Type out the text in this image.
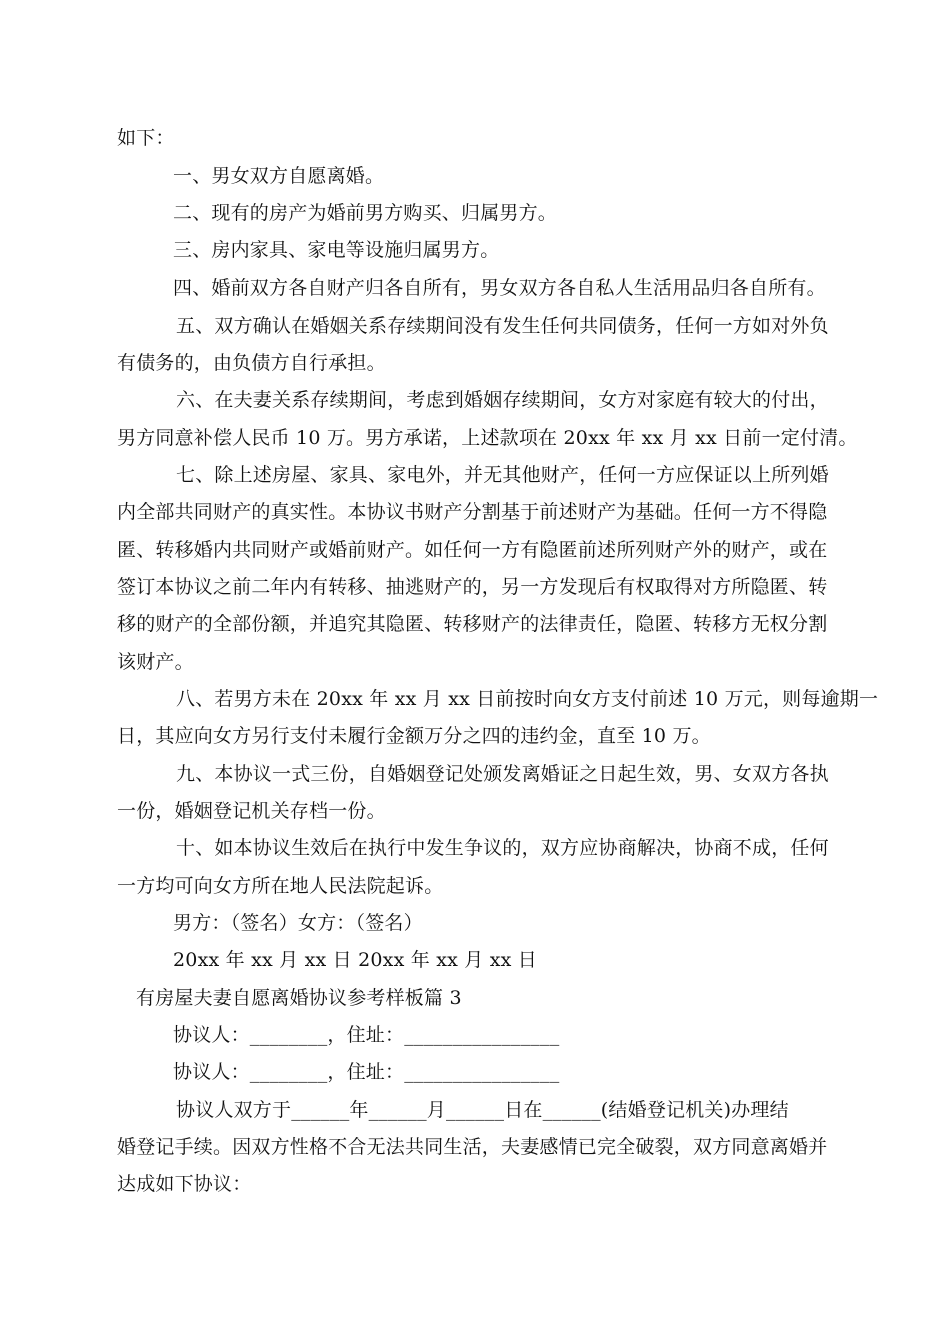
如下：
一、男女双方自愿离婚。
二、现有的房产为婚前男方购买、归属男方。
三、房内家具、家电等设施归属男方。
四、婚前双方各自财产归各自所有，男女双方各自私人生活用品归各自所有。
五、双方确认在婚姻关系存续期间没有发生任何共同债务，任何一方如对外负
有债务的，由负债方自行承担。
六、在夫妻关系存续期间，考虑到婚姻存续期间，女方对家庭有较大的付出，
男方同意补偿人民币 10 万。男方承诺，上述款项在 20xx 年 xx 月 xx 日前一定付清。
七、除上述房屋、家具、家电外，并无其他财产，任何一方应保证以上所列婚
内全部共同财产的真实性。本协议书财产分割基于前述财产为基础。任何一方不得隐
匿、转移婚内共同财产或婚前财产。如任何一方有隐匿前述所列财产外的财产，或在
签订本协议之前二年内有转移、抽逃财产的，另一方发现后有权取得对方所隐匿、转
移的财产的全部份额，并追究其隐匿、转移财产的法律责任，隐匿、转移方无权分割
该财产。
八、若男方未在 20xx 年 xx 月 xx 日前按时向女方支付前述 10 万元，则每逾期一
日，其应向女方另行支付未履行金额万分之四的违约金，直至 10 万。
九、本协议一式三份，自婚姻登记处颁发离婚证之日起生效，男、女双方各执
一份，婚姻登记机关存档一份。
十、如本协议生效后在执行中发生争议的，双方应协商解决，协商不成，任何
一方均可向女方所在地人民法院起诉。
男方：（签名）女方：（签名）
20xx 年 xx 月 xx 日 20xx 年 xx 月 xx 日
有房屋夫妻自愿离婚协议参考样板篇 3
协议人：________，住址：________________
协议人：________，住址：________________
协议人双方于______年______月______日在______(结婚登记机关)办理结
婚登记手续。因双方性格不合无法共同生活，夫妻感情已完全破裂，双方同意离婚并
达成如下协议：
